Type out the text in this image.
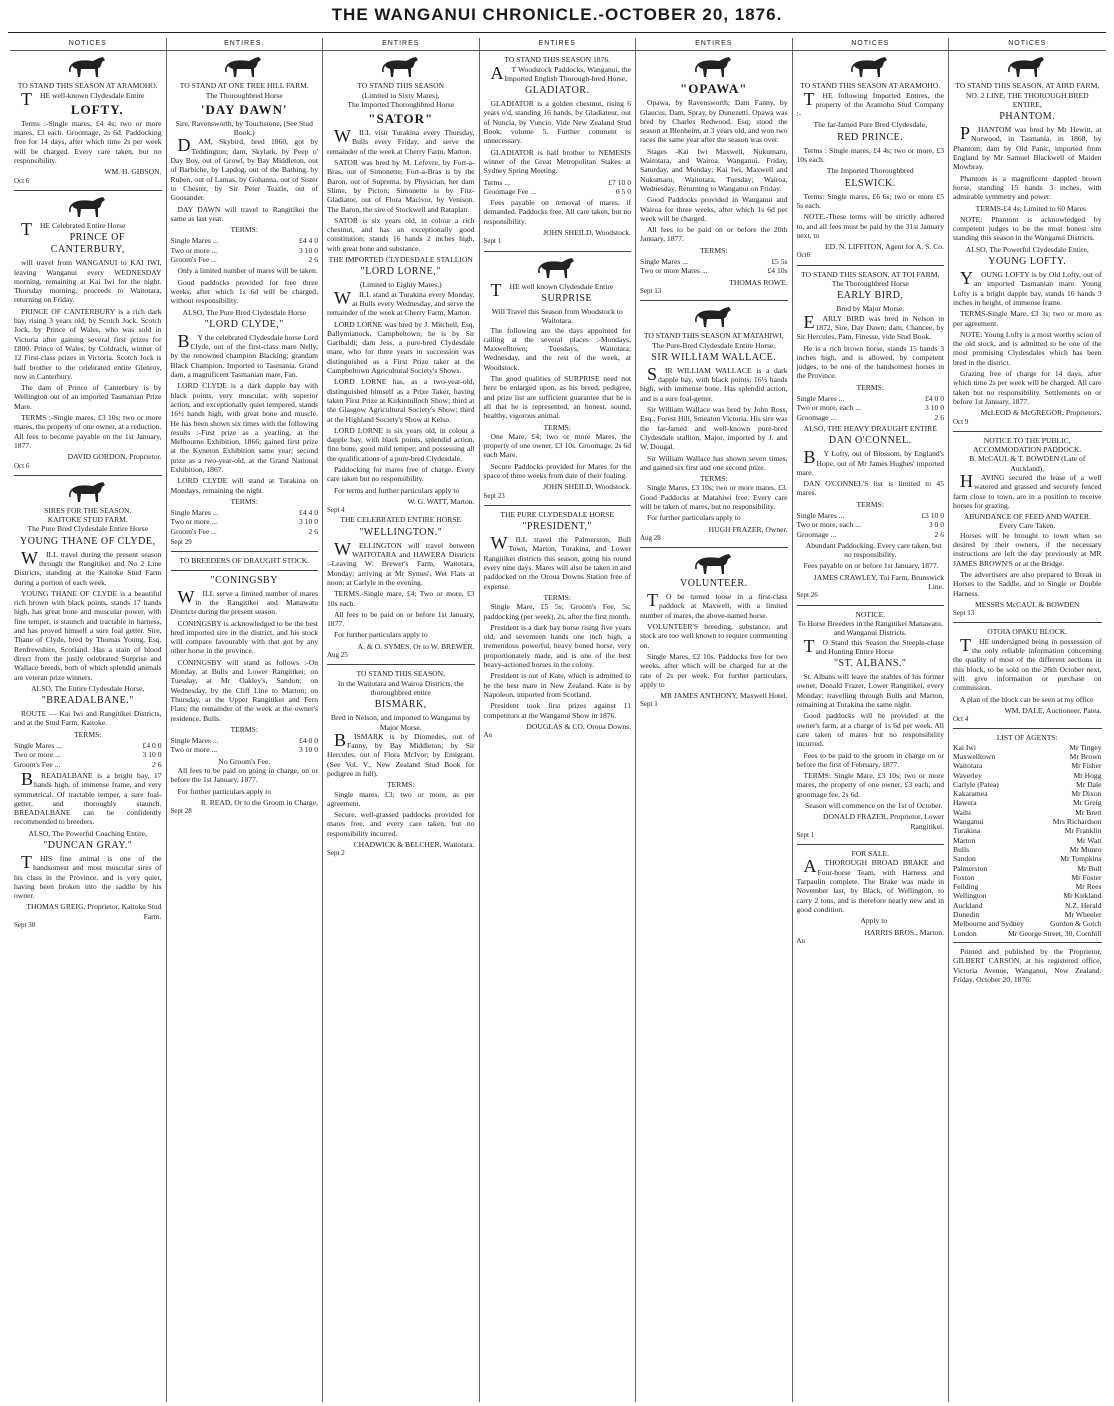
THE WANGANUI CHRONICLE.-OCTOBER 20, 1876.
NOTICES
TO STAND THIS SEASON AT ARAMOHO.

THE well-known Clydesdale Entire

LOFTY.

Terms :-Single mares, £4 4s; two or more mares, £3 each. Groomage, 2s 6d. Paddocking free for 14 days, after which time 2s per week will be charged. Every care taken, but no responsibility.

WM. H. GIBSON.
Oct 6

THE Celebrated Entire Horse

PRINCE OF CANTERBURY,

will travel from WANGANUI to KAI IWI, leaving Wanganui every WEDNESDAY morning, remaining at Kai Iwi for the night. Thursday morning, proceeds to Waitotara, returning on Friday.

PRINCE OF CANTERBURY is a rich dark bay, rising 3 years old, by Scotch Jock. Scotch Jock, by Prince of Wales, who was sold in Victoria after gaining several first prizes for £800. Prince of Wales, by Coldrach, winner of 12 First-class prizes in Victoria. Scotch Jock is half brother to the celebrated entire Glenroy, now in Canterbury.

The dam of Prince of Canterbury is by Wellington out of an imported Tasmanian Prize Mare.

TERMS :-Single mares, £3 10s; two or more mares, the property of one owner, at a reduction. All fees to become payable on the 1st January, 1877.

DAVID GORDON, Proprietor.
Oct 6
SIRES FOR THE SEASON.
KAITOKE STUD FARM.
The Pure Bred Clydesdale Entire Horse
YOUNG THANE OF CLYDE,

WILL travel during the present season through the Rangitikei and No 2 Line Districts, standing at the Kaitoke Stud Farm during a portion of each week.

YOUNG THANE OF CLYDE is a beautiful rich brown with black points, stands 17 hands high, has great bone and muscular power, with fine temper, is staunch and tractable in harness, and has proved himself a sure foal getter. Sire, Thane of Clyde, bred by Thomas Young, Esq. Renfrewshire, Scotland. Has a stain of blood direct from the justly celebrated Surprise and Wallace breeds, both of which splendid animals are veteran prize winners.

ALSO, The Entire Clydesdale Horse,
"BREADALBANE."

ROUTE — Kai Iwi and Rangitikei Districts, and at the Stud Farm, Kaitoke.

TERMS:
Single Mares ...	£4 0 0
Two or more ...	3 10 0
Groom's Fee ...	2 6

BREADALBANE is a bright bay, 17 hands high, of immense frame, and very symmetrical. Of tractable temper, a sure foal-getter, and thoroughly staunch. BREADALBANE can be confidently recommended to breeders.

ALSO, The Powerful Coaching Entire,
"DUNCAN GRAY."

THIS fine animal is one of the handsomest and most muscular sires of his class in the Province, and is very quiet, having been broken into the saddle by his owner.

THOMAS GREIG, Proprietor, Kaitoke Stud Farm.
Sept 30
ENTIRES.
TO STAND AT ONE TREE HILL FARM.
The Thoroughbred Horse
'DAY DAWN'
Sire, Ravensworth, by Touchstone, (See Stud Book.)

DAM, Skybird, bred 1860, got by Teddington; dam, Skylark, by Peep o' Day Boy, out of Growl, by Bay Middleton, out of Barbiche, by Lapdog, out of the Bathing, by Ruben, out of Lamas, by Gohanna, out of Sister to Chester, by Sir Peter Teazle, out of Goosander.

DAY DAWN will travel to Rangitikei the same as last year.

TERMS:
Single Mares ...	£4 4 0
Two or more ...	3 10 0
Groom's Fee ...	2 6

Only a limited number of mares will be taken.

Good paddocks provided for free three weeks, after which 1s 6d will be charged, without responsibility.

ALSO, The Pure Bred Clydesdale Horse
"LORD CLYDE,"

BY the celebrated Clydesdale horse Lord Clyde, out of the first-class mare Nelly, by the renowned champion Blacking; grandam Black Champion. Imported to Tasmania. Grand dam, a magnificent Tasmanian mare, Fan.

LORD CLYDE is a dark dapple bay with black points, very muscular, with superior action, and exceptionally quiet tempered, stands 16½ hands high, with great bone and muscle. He has been shown six times with the following results :-First prize as a yearling, at the Melbourne Exhibition, 1866; gained first prize at the Kyneton Exhibition same year; second prize as a two-year-old, at the Grand National Exhibition, 1867.

LORD CLYDE will stand at Turakina on Mondays, remaining the night.

TERMS:
Single Mares ...	£4 4 0
Two or more ...	3 10 0
Groom's Fee ...	2 6
Sept 29
TO BREEDERS OF DRAUGHT STOCK.
"CONINGSBY

WILL serve a limited number of mares in the Rangitikei and Manawatu Districts during the present season.

CONINGSBY is acknowledged to be the best bred imported sire in the district, and his stock will compare favourably with that got by any other horse in the province.

CONINGSBY will stand as follows :-On Monday, at Bulls and Lower Rangitikei; on Tuesday, at Mr Oakley's, Sandon; on Wednesday, by the Cliff Line to Marton; on Thursday, at the Upper Rangitikei and Fern Flats; the remainder of the week at the owner's residence, Bulls.

TERMS:
Single Mares ...	£4 0 0
Two or more ...	3 10 0
No Groom's Fee.

All fees to be paid on going in charge, on or before the 1st January, 1877.

For further particulars apply to

R. READ, Or to the Groom in Charge,
Sept 28
ENTIRES
TO STAND THIS SEASON
(Limited to Sixty Mares),
The Imported Thoroughbred Horse
"SATOR"

WILL visit Turakina every Thursday, Bulls every Friday, and serve the remainder of the week at Cherry Farm, Marton.

SATOR was bred by M. Lefevre, by Fort-a-Bras, out of Simonette; Fort-a-Bras is by the Baron, out of Suprema, by Physician, her dam Slime, by Picton; Simonette is by Fitz-Gladiator, out of Flora Macivor, by Venison. The Baron, the sire of Stockwell and Rataplan.

SATOR is six years old, in colour a rich chestnut, and has an exceptionally good constitution; stands 16 hands 2 inches high, with great bone and substance.

THE IMPORTED CLYDESDALE STALLION
"LORD LORNE,"
(Limited to Eighty Mares,)

WILL stand at Turakina every Monday, at Bulls every Wednesday, and serve the remainder of the week at Cherry Farm, Marton.

LORD LORNE was bred by J. Mitchell, Esq, Ballymianock, Campbeltown; he is by Sir Garibaldi; dam Jess, a pure-bred Clydesdale mare, who for three years in succession was distinguished as a First Prize taker at the Campbeltown Agricultural Society's Shows.

LORD LORNE has, as a two-year-old, distinguished himself as a Prize Taker, having taken First Prize at Kirkintulloch Show; third at the Glasgow Agricultural Society's Show; third at the Highland Society's Show at Kelso.

LORD LORNE is six years old, in colour a dapple bay, with black points, splendid action, fine bone, good mild temper; and possessing all the qualifications of a pure-bred Clydesdale.

Paddocking for mares free of charge. Every care taken but no responsibility.

For terms and further particulars apply to

W. G. WATT, Marton.
Sept 4
THE CELEBRATED ENTIRE HORSE
"WELLINGTON."

WELLINGTON will travel between WAITOTARA and HAWERA Districts :-Leaving W. Brewer's Farm, Waitotara, Monday; arriving at Mr Symes', Wet Flats at noon; at Carlyle in the evening.

TERMS.-Single mare, £4; Two or more, £3 10s each.

All fees to be paid on or before 1st January, 1877.

For further particulars apply to

A. & O. SYMES, Or to W. BREWER.
Aug 25
TO STAND THIS SEASON,
In the Waitotara and Wairoa Districts, the thoroughbred entire
BISMARK,
Bred in Nelson, and imported to Wanganui by Major Morse.

BISMARK is by Diomedes, out of Fanny, by Bay Middleton; by Sir Hercules, out of Flora McIvor; by Emigrant. (See Vol. V., New Zealand Stud Book for pedigree in full).

TERMS:

Single mares, £3; two or more, as per agreement.

Secure, well-grassed paddocks provided for mares free, and every care taken, but no responsibility incurred.

CHADWICK & BELCHER, Waitotara.
Sept 2
ENTIRES
TO STAND THIS SEASON 1876.

AT Woodstock Paddocks, Wanganui, the Imported English Thorough-bred Horse,

GLADIATOR.

GLADIATOR is a golden chestnut, rising 6 years o'd, standing 16 hands, by Gladiateur, out of Nuncia, by Vuncio. Vide New Zealand Stud Book, volume 5. Further comment is unnecessary.

GLADIATOR is half brother to NEMESIS winner of the Great Metropolitan Stakes at Sydney Spring Meeting.

Terms ...	£7 10 0
Groomage Fee ...	0 5 0

Fees payable on removal of mares, if demanded. Paddocks free. All care taken, but no responsibility.

JOHN SHEILD, Woodstock.
Sept 1

THE well known Clydesdale Entire

SURPRISE
Will Travel this Season from Woodstock to Waitotara.

The following are the days appointed for calling at the several places :-Mondays, Maxwelltown; Tuesdays, Waitotara; Wednesday, and the rest of the week, at Woodstock.

The good qualities of SURPRISE need not here be enlarged upon, as his breed, pedigree, and prize list are sufficient guarantee that he is all that he is represented, an honest, sound, healthy, vigorous animal.

TERMS:

One Mare, £4; two or more Mares, the property of one owner, £3 10s. Groomage, 2s 6d each Mare.

Secure Paddocks provided for Mares for the space of three weeks from date of their foaling.

JOHN SHEILD, Woodstock.
Sept 23
THE PURE CLYDESDALE HORSE
"PRESIDENT,"

WILL travel the Palmerston, Bull Town, Marton, Turakina, and Lower Rangitikei districts this season, going his round every nine days. Mares will also be taken in and paddocked on the Oroua Downs Station free of expense.

TERMS:

Single Mare, £5 5s; Groom's Fee, 5s; paddocking (per week), 2s, after the first month.

President is a dark bay horse rising five years old, and seventeen hands one inch high, a tremendous powerful, heavy boned horse, very proportionately made, and is one of the best heavy-actioned horses in the colony.

President is out of Kate, which is admitted to be the best mare in New Zealand. Kate is by Napoleon, imported from Scotland.

President took first prizes against 11 competitors at the Wanganui Show in 1876.

DOUGLAS & CO, Oroua Downs.
Au
ENTIRES
"OPAWA"

Opawa, by Ravensworth; Dam Fanny, by Glaucus; Dam, Spray, by Dunezetti. Opawa was bred by Charles Redwood, Esq; stood the season at Blenheim, at 3 years old, and won two races the same year after the season was over.

Stages -Kai Iwi Maxwell, Nukumaru, Waitotara, and Wairoa. Wanganui, Friday, Saturday, and Monday; Kai Iwi, Maxwell and Nukumaru, Waitotara, Tuesday; Wairoa, Wednesday. Returning to Wanganui on Friday.

Good Paddocks provided in Wanganui and Wairoa for three weeks, after which 1s 6d per week will be charged.

All fees to be paid on or before the 20th January, 1877.

TERMS:
Single Mares ...	£5 5s
Two or more Mares ...	£4 10s
THOMAS ROWE.
Sept 13
TO STAND THIS SEASON AT MATAHIWI,
The Pure-Bred Clydesdale Entire Horse,
SIR WILLIAM WALLACE.

SIR WILLIAM WALLACE is a dark dapple bay, with black points, 16½ hands high, with immense bone. Has splendid action, and is a sure foal-getter.

Sir William Wallace was bred by John Ross, Esq., Forest Hill, Smeaton Victoria. His sire was the far-famed and well-known pure-bred Clydesdale stallion, Major, imported by J. and W. Dougal.

Sir William Wallace has shown seven times, and gained six first and one second prize.

TERMS:

Single Mares, £3 10s; two or more mares, £3. Good Paddocks at Matahiwi free. Every care will be taken of mares, but no responsibility.

For further particulars apply to

HUGH FRAZER, Owner.
Aug 28
VOLUNTEER.

TO be turned loose in a first-class paddock at Maxwell, with a limited number of mares, the above-named horse.

VOLUNTEER'S breeding, substance, and stock are too well known to require commenting on.

Single Mares, £2 10s. Paddocks free for two weeks, after which will be charged for at the rate of 2s per week. For further particulars, apply to

MR JAMES ANTHONY, Maxwell Hotel.
Sept 1
NOTICES
TO STAND THIS SEASON AT ARAMOHO.

THE following Imported Entires, the property of the Aramoho Stud Company :-

The far-famed Pure Bred Clydesdale,
RED PRINCE.

Terms : Single mares, £4 4s; two or more, £3 10s each.

The Imported Thoroughbred
ELSWICK.

Terms: Single mares, £6 6s; two or more £5 5s each.

NOTE.-These terms will be strictly adhered to, and all fees must be paid by the 31st January next, to

ED. N. LIFFITON, Agent for A. S. Co.
Oct6
TO STAND THIS SEASON, AT TOI FARM,
The Thoroughbred Horse
EARLY BIRD,
Bred by Major Morse.

EARLY BIRD was bred in Nelson in 1872, Sire, Day Dawn; dam, Chancee, by Sir Hercules, Pam, Finesse, vide Stud Book.

He is a rich brown horse, stands 15 hands 3 inches high, and is allowed, by competent judges, to be one of the handsomest horses in the Province.

TERMS:
Single Mares ...	£4 0 0
Two or more, each ...	3 10 0
Groomage ...	2 6
ALSO, THE HEAVY DRAUGHT ENTIRE
DAN O'CONNEL.

BY Lofty, out of Blossom, by England's Hope, out of Mr James Hughes' imported mare.

DAN O'CONNEL'S list is limited to 45 mares.

TERMS:
Single Mares ...	£3 10 0
Two or more, each ...	3 0 0
Groomage ...	2 6

Abundant Paddocking. Every care taken, but no responsibility.

Fees payable on or before 1st January, 1877.

JAMES CRAWLEY, Toi Farm, Brunswick Line.
Sept 26
NOTICE.
To Horse Breeders in the Rangitikei Manawatu, and Wanganui Districts.

TO Stand this Season the Steeple-chase and Hunting Entire Horse

"ST. ALBANS."

St. Albans will leave the stables of his former owner, Donald Frazer, Lower Rangitikei, every Monday; travelling through Bulls and Marton, remaining at Turakina the same night.

Good paddocks will be provided at the owner's farm, at a charge of 1s 6d per week. All care taken of mares but no responsibility incurred.

Fees to be paid to the groom in charge on or before the first of February, 1877.

TERMS: Single Mare, £3 10s; two or more mares, the property of one owner, £3 each, and groomage fee, 2s 6d.

Season will commence on the 1st of October.

DONALD FRAZER, Proprietor, Lower Rangitikei.
Sept 1
FOR SALE.

ATHOROUGH BROAD BRAKE and Four-horse Team, with Harness and Tarpaulin complete. The Brake was made in November last, by Black, of Wellington, to carry 2 tons, and is therefore nearly new and in good condition.

Apply to

HARRIS BROS., Marton.
Au
NOTICES
TO STAND THIS SEASON, AT AIRD FARM, NO. 2 LINE, THE THOROUGH BRED ENTIRE,
PHANTOM.

PHANTOM was bred by Mr Hewitt, at Norwood, in Tasmania, in 1868, by Phantom; dam by Old Panic, imported from England by Mr Samuel Blackwell of Maiden Mowbray.

Phantom is a magnificent dappled brown horse, standing 15 hands 3 inches, with admirable symmetry and power.

TERMS-£4 4s; Limited to 60 Mares

NOTE: Phantom is acknowledged by competent judges to be the most honest sire standing this season in the Wanganui Districts.

ALSO, The Powerful Clydesdale Entire,
YOUNG LOFTY.

YOUNG LOFTY is by Old Lofty, out of an imported Tasmanian mare. Young Lofty is a bright dapple bay, stands 16 hands 3 inches in height, of immense frame.

TERMS-Single Mare, £3 3s; two or more as per agreement.

NOTE: Young Lofty is a most worthy scion of the old stock, and is admitted to be one of the most promising Clydesdales which has been bred in the district.

Grazing free of charge for 14 days, after which time 2s per week will be charged. All care taken but no responsibility. Settlements on or before 1st January, 1877.

McLEOD & McGREGOR, Proprietors.
Oct 9
NOTICE TO THE PUBLIC,
ACCOMMODATION PADDOCK.
B. McCAUL & T. BOWDEN (Late of Auckland),

HAVING secured the lease of a well watered and grassed and securely fenced farm close to town, are in a position to receive horses for grazing.

ABUNDANCE OF FEED AND WATER.
Every Care Taken.

Horses will be brought to town when so desired by their owners, if the necessary instructions are left the day previously at MR JAMES BROWN'S or at the Bridge.

The advertisers are also prepared to Break in Horses to the Saddle, and to Single or Double Harness.

MESSRS McCAUL & BOWDEN
Sept 13
OTOIA OPAKU BLOCK.

THE undersigned being in possession of the only reliable information concerning the quality of most of the different sections in this block, to be sold on the 26th October next, will give information or purchase on commission.

A plan of the block can be seen at my office

WM. DALE, Auctioneer, Patea.
Oct 4
LIST OF AGENTS:
Kai Iwi	Mr Tingey
Maxwelltown	Mr Brown
Waitotara	Mr Fisher
Waverley	Mr Hogg
Carlyle (Patea)	Mr Dale
Kakaramea	Mr Dixon
Hawera	Mr Greig
Waihi	Mr Brett
Wanganui	Mrs Richardson
Turakina	Mr Franklin
Marton	Mr Watt
Bulls	Mr Munro
Sandon	Mr Tompkins
Palmerston	Mr Bull
Foxton	Mr Foster
Feilding	Mr Rees
Wellington	Mr Kirkland
Auckland	N.Z. Herald
Dunedin	Mr Wheeler
Melbourne and Sydney	Gordon & Gotch
London	Mr George Street, 30, Cornhill

Printed and published by the Proprietor, GILBERT CARSON, at his registered office, Victoria Avenue, Wanganui, New Zealand. Friday, October 20, 1876.
